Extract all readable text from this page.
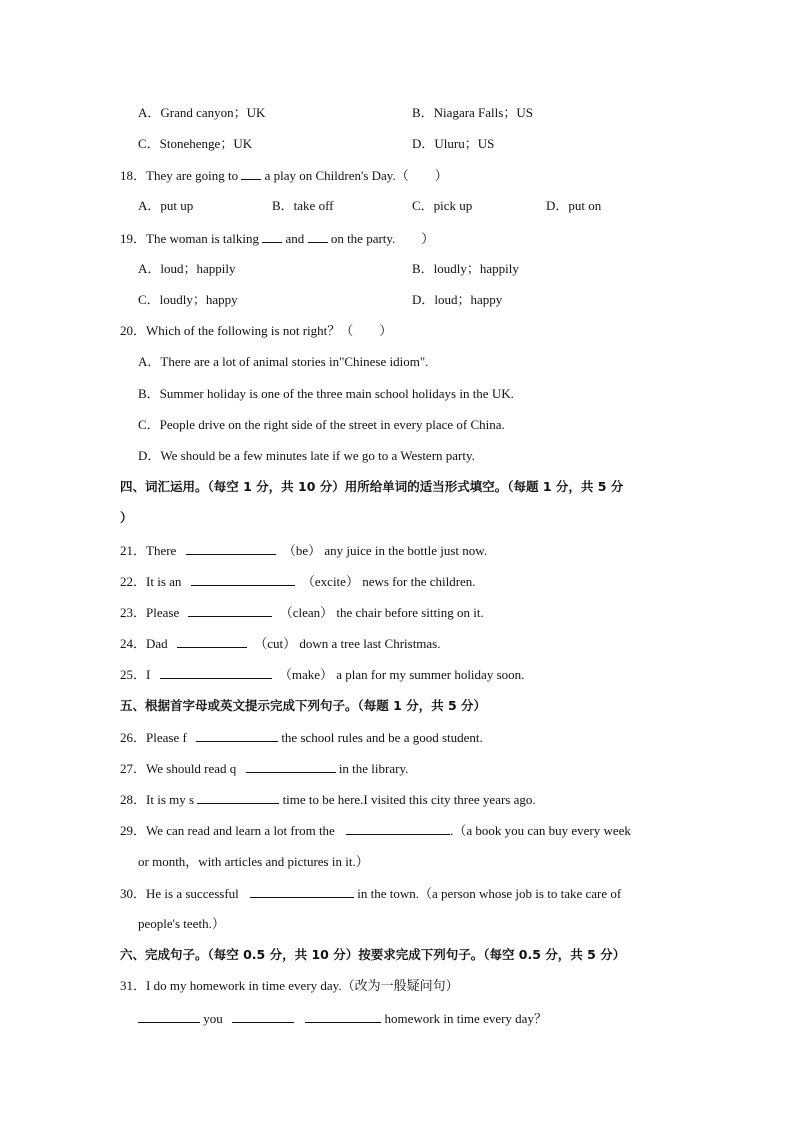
A．Grand canyon；UK	B．Niagara Falls；US
C．Stonehenge；UK	D．Uluru；US
18．They are going to a play on Children's Day.（　　）
A．put up	B．take off	C．pick up	D．put on
19．The woman is talking and on the party.　　）
A．loud；happily	B．loudly；happily
C．loudly；happy	D．loud；happy
20．Which of the following is not right？（　　）
A．There are a lot of animal stories in"Chinese idiom".
B．Summer holiday is one of the three main school holidays in the UK.
C．People drive on the right side of the street in every place of China.
D．We should be a few minutes late if we go to a Western party.
四、词汇运用。（每空 1 分，共 10 分）用所给单词的适当形式填空。（每题 1 分，共 5 分
）
21．There	（be） any juice in the bottle just now.
22．It is an	（excite） news for the children.
23．Please	（clean） the chair before sitting on it.
24．Dad	（cut） down a tree last Christmas.
25．I	（make） a plan for my summer holiday soon.
五、根据首字母或英文提示完成下列句子。（每题 1 分，共 5 分）
26．Please f	the school rules and be a good student.
27．We should read q	in the library.
28．It is my s	time to be here.I visited this city three years ago.
29．We can read and learn a lot from the	.（a book you can buy every week
or month，with articles and pictures in it.）
30．He is a successful	in the town.（a person whose job is to take care of
people's teeth.）
六、完成句子。（每空 0.5 分，共 10 分）按要求完成下列句子。（每空 0.5 分，共 5 分）
31．I do my homework in time every day.（改为一般疑问句）
you	homework in time every day？
